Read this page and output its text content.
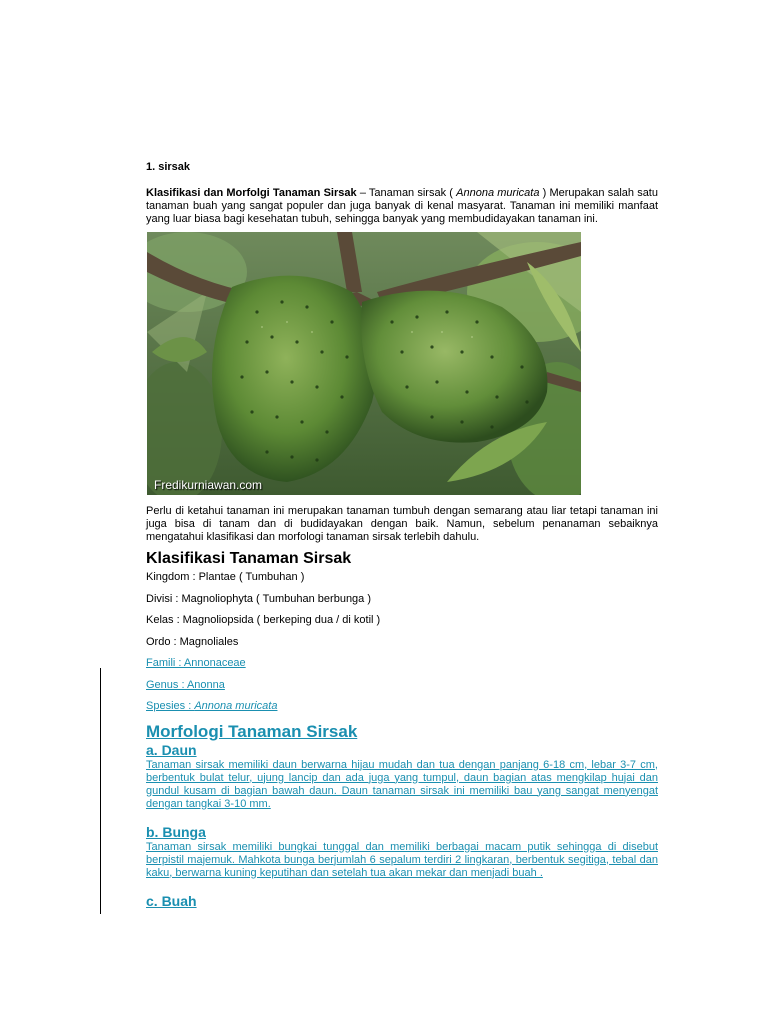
1. sirsak

Klasifikasi dan Morfolgi Tanaman Sirsak – Tanaman sirsak ( Annona muricata ) Merupakan salah satu tanaman buah yang sangat populer dan juga banyak di kenal masyarat. Tanaman ini memiliki manfaat yang luar biasa bagi kesehatan tubuh, sehingga banyak yang membudidayakan tanaman ini.

Fredikurniawan.com

Perlu di ketahui tanaman ini merupakan tanaman tumbuh dengan semarang atau liar tetapi tanaman ini juga bisa di tanam dan di budidayakan dengan baik. Namun, sebelum penanaman sebaiknya mengatahui klasifikasi dan morfologi tanaman sirsak terlebih dahulu.

Klasifikasi Tanaman Sirsak

Kingdom : Plantae ( Tumbuhan )

Divisi : Magnoliophyta ( Tumbuhan berbunga )

Kelas : Magnoliopsida ( berkeping dua / di kotil )

Ordo : Magnoliales

Famili : Annonaceae

Genus : Anonna

Spesies : Annona muricata

Morfologi Tanaman Sirsak
a. Daun

Tanaman sirsak memiliki daun berwarna hijau mudah dan tua dengan panjang 6-18 cm, lebar 3-7 cm, berbentuk bulat telur, ujung lancip dan ada juga yang tumpul, daun bagian atas mengkilap hujai dan gundul kusam di bagian bawah daun. Daun tanaman sirsak ini memiliki bau yang sangat menyengat dengan tangkai 3-10 mm.

b. Bunga

Tanaman sirsak memiliki bungkai tunggal dan memiliki berbagai macam putik sehingga di disebut berpistil majemuk. Mahkota bunga berjumlah 6 sepalum terdiri 2 lingkaran, berbentuk segitiga, tebal dan kaku, berwarna kuning keputihan dan setelah tua akan mekar dan menjadi buah .

c. Buah
